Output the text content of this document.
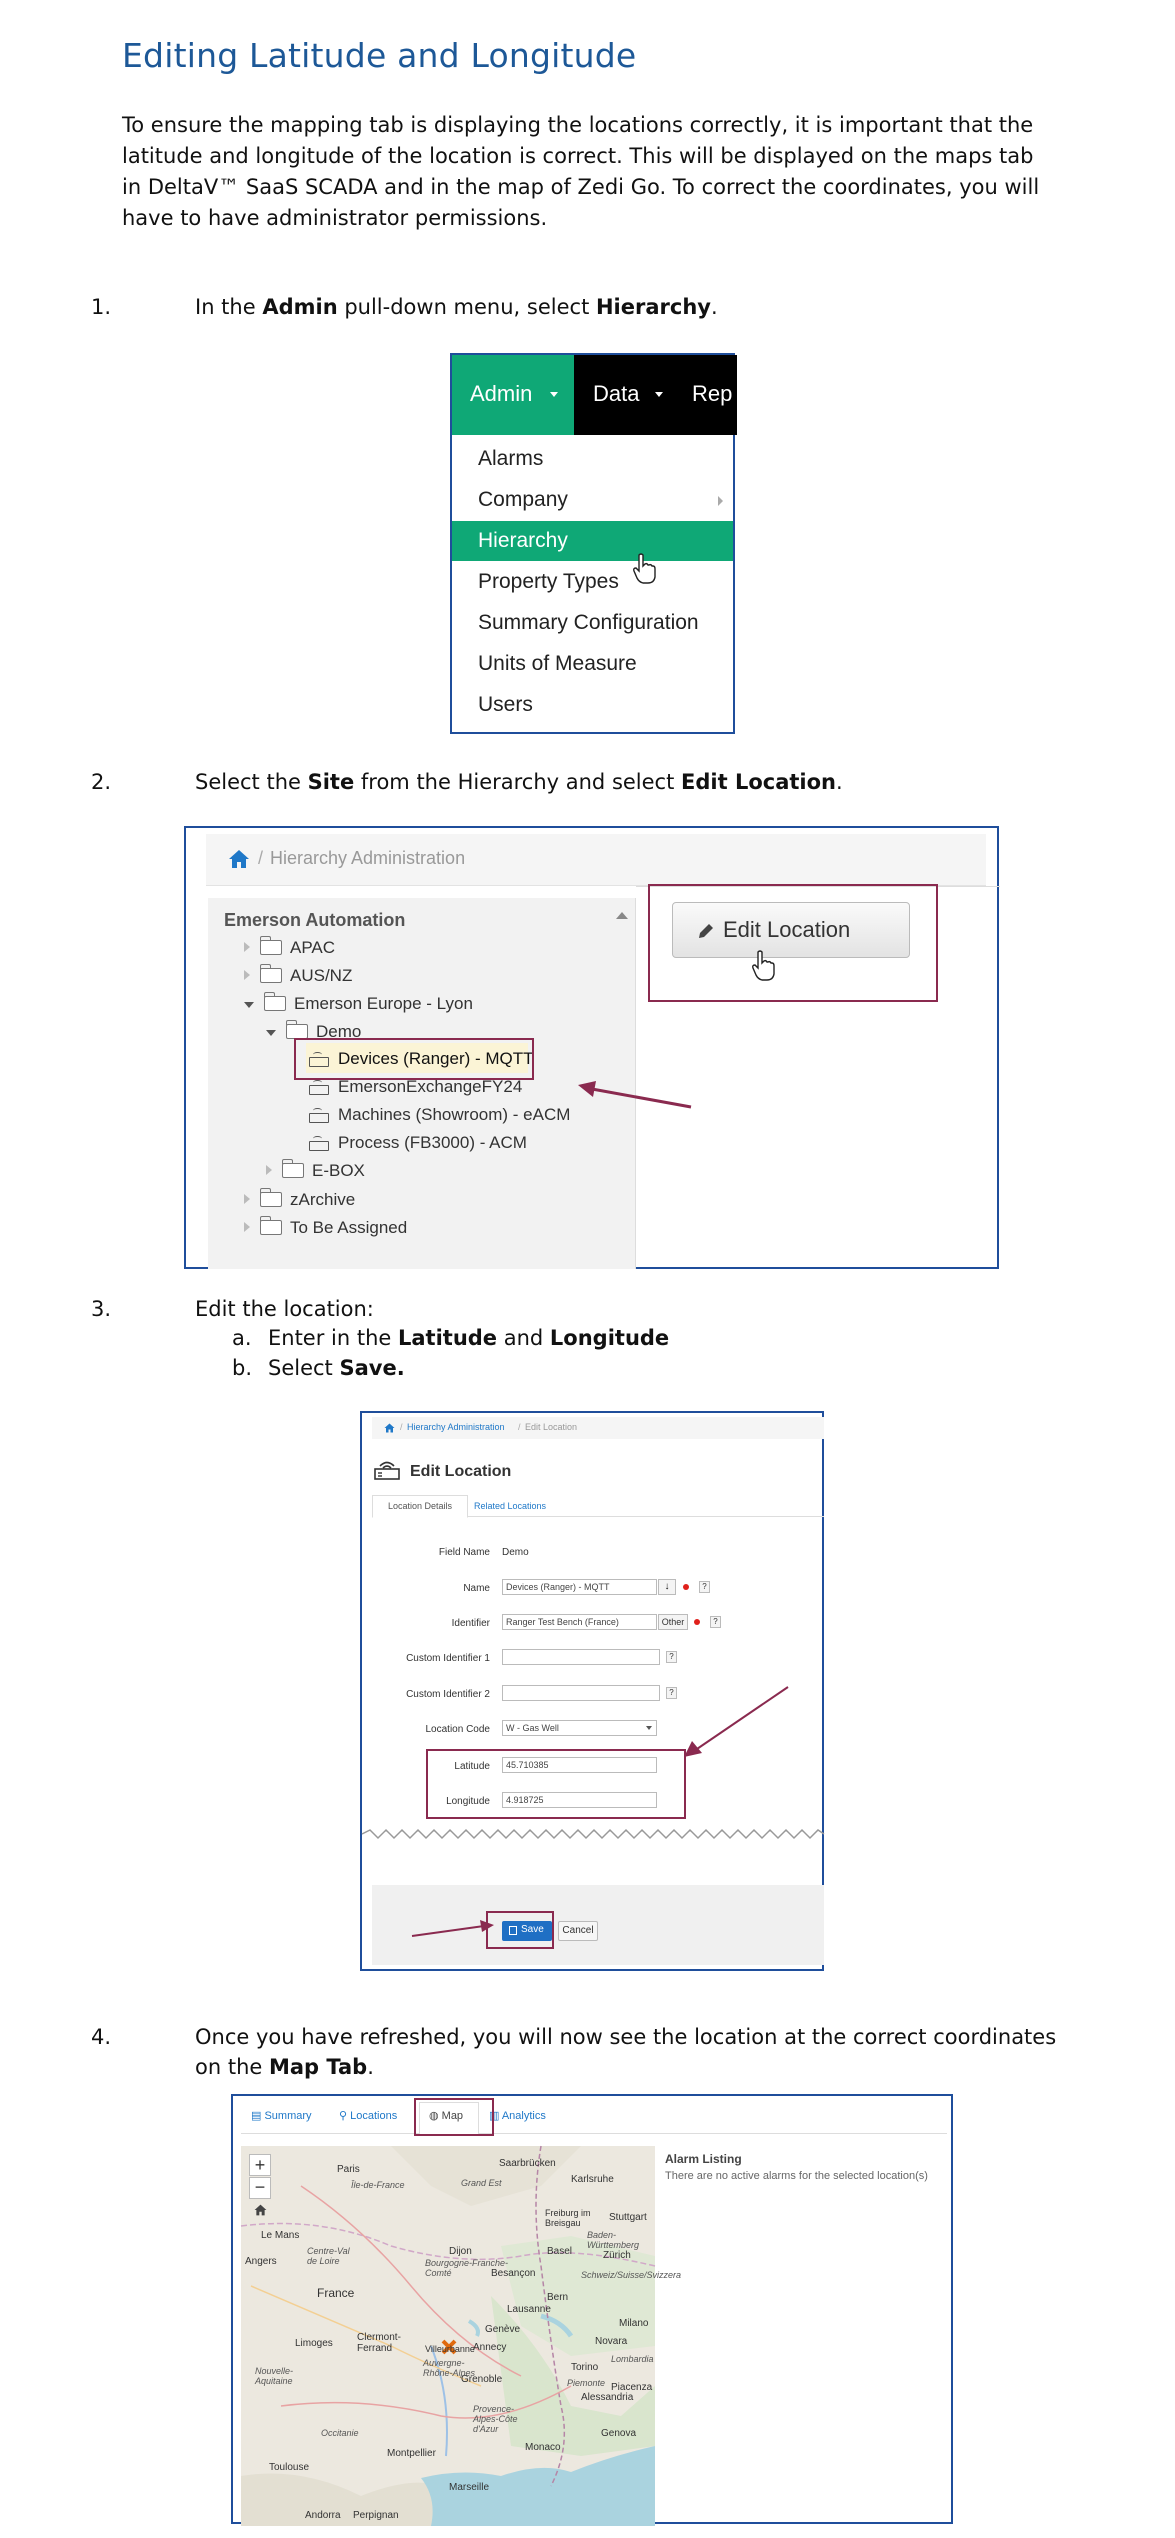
Editing Latitude and Longitude

To ensure the mapping tab is displaying the locations correctly, it is important that the latitude and longitude of the location is correct. This will be displayed on the maps tab in DeltaV™ SaaS SCADA and in the map of Zedi Go. To correct the coordinates, you will have to have administrator permissions.

1.	In the Admin pull-down menu, select Hierarchy.
Admin	Data Rep
Alarms
Company
Hierarchy
Property Types
Summary Configuration
Units of Measure
Users
2.	Select the Site from the Hierarchy and select Edit Location.
/ Hierarchy Administration
Emerson Automation
APAC
AUS/NZ
Emerson Europe - Lyon
Demo
Devices (Ranger) - MQTT
EmersonExchangeFY24
Machines (Showroom) - eACM
Process (FB3000) - ACM
E-BOX
zArchive
To Be Assigned
Edit Location
3.	Edit the location:
a. Enter in the Latitude and Longitude
b. Select Save.
/ Hierarchy Administration / Edit Location
Edit Location
Location Details	Related Locations
Field Name Demo
Name	Devices (Ranger) - MQTT	↓	?
Identifier	Ranger Test Bench (France)	Other	?
Custom Identifier 1	?
Custom Identifier 2	?
Location Code	W - Gas Well
Latitude	45.710385
Longitude	4.918725
Save	Cancel
4.	Once you have refreshed, you will now see the location at the correct coordinates on the Map Tab.
▤ Summary ⚲ Locations	◍ Map ▥ Analytics
+
−
Paris
Saarbrücken
Karlsruhe
Stuttgart
Freiburg im Breisgau
Basel	Zürich
Le Mans
France
Dijon
Besançon
Bern
Lausanne
Genève
Limoges
Clermont-Ferrand	Villeurbanne
Annecy
Grenoble
Torino
Novara
Milano
Piacenza
Alessandria
Genova
Montpellier
Monaco
Toulouse
Marseille
Andorra
Grand Est
Centre-Val de Loire	Bourgogne-Franche-Comté	Schweiz/Suisse/Svizzera
Nouvelle-Aquitaine
Auvergne-Rhône-Alpes
Occitanie
Provence-Alpes-Côte d'Azur
Piemonte
Lombardia
Île-de-France
Baden-Württemberg
Angers
Perpignan
Alarm Listing
There are no active alarms for the selected location(s)
